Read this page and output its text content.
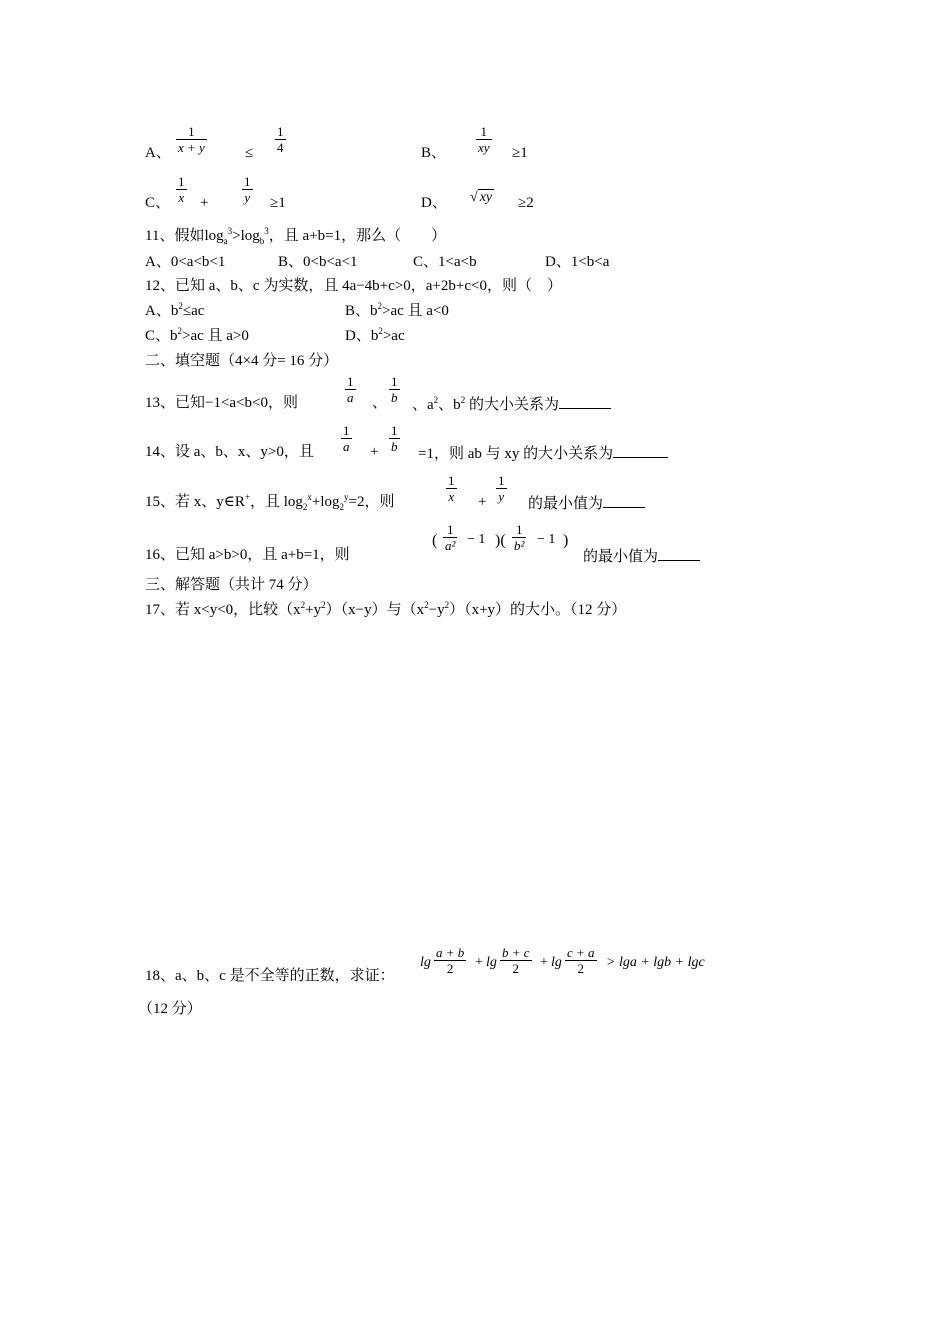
A、 $\frac{1}{x + y}$	≤ $\frac{1}{4}$	B、 $\frac{1}{xy} \ge 1$
C、 $\frac{1}{x}$ +	$\frac{1}{y} \ge 1$	D、 √ xy ≥2
11、假如$\log_a^3>\log_b^3$，且 a+b=1，那么（　　）
A、0<a<b<1	B、0<b<a<1	C、1<a<b	D、1<b<a
12、已知 a、b、c 为实数，且 4a−4b+c>0，a+2b+c<0，则（　）
A、$b^2\le ac$	B、$b^2>ac$ 且 a<0
C、$b^2>ac$ 且 a>0	D、$b^2>ac$
二、填空题（4×4 分= 16 分）
13、已知−1<a<b<0，则	$\frac{1}{a}$ 、 $\frac{1}{b}$ 、$a^2$、$b^2$ 的大小关系为
14、设 a、b、x、y>0，且 $\frac{1}{a} + \frac{1}{b} =1$，则 ab 与 xy 的大小关系为
15、若 x、y∈R+，且 $\log_2^x+\log_2^y=2$，则	$\frac{1}{x} + \frac{1}{y}$ 的最小值为
16、已知 a>b>0，且 a+b=1，则
( $\frac{1}{\text{a²}} - 1$ )( $\frac{1}{\text{b²}} - 1$ )
的最小值为
三、解答题（共计 74 分）
17、若 x<y<0，比较$(x^2+y^2)(x-y)$与$(x^2-y^2)(x+y)$的大小。（12 分）
18、a、b、c 是不全等的正数，求证：
$\lg \frac{a + b}{2} + \lg \frac{b + c}{2} + \lg \frac{c + a}{2} > \lg a + \lg b + \lg c$
（12 分）
